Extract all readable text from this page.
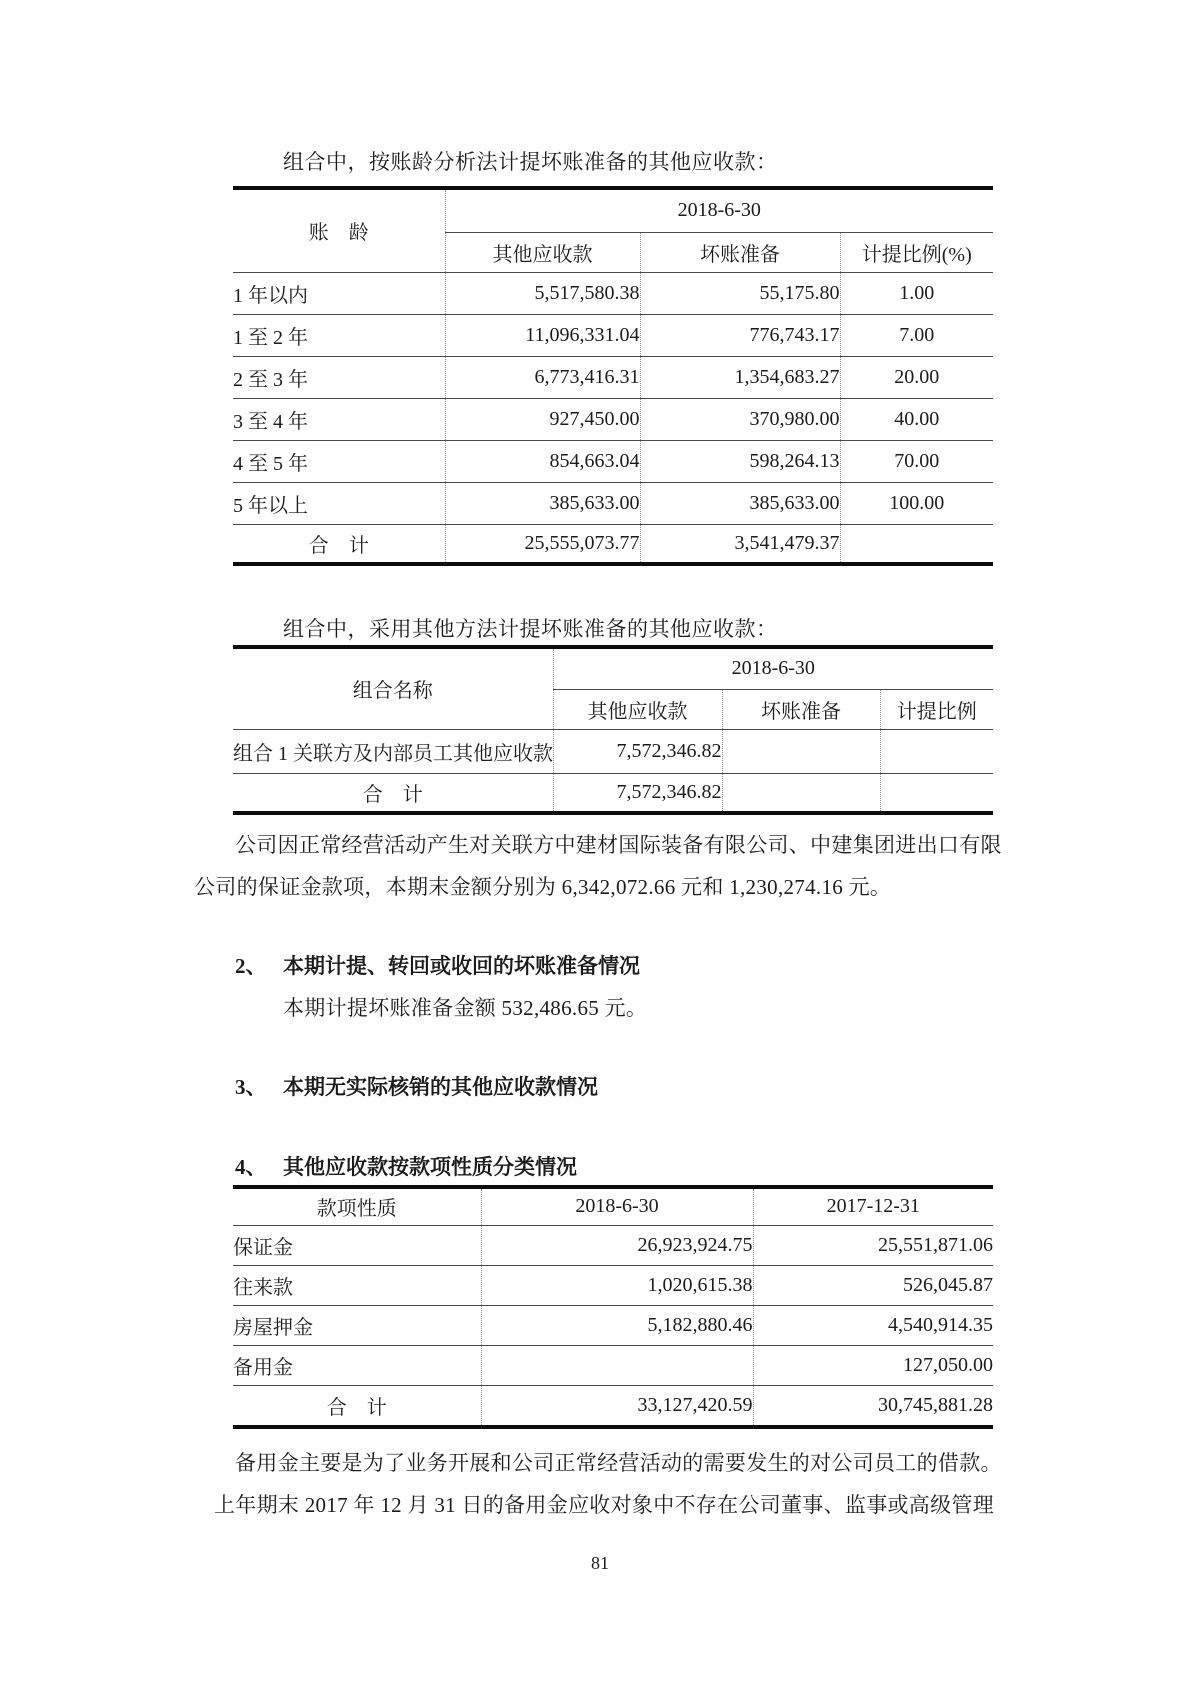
组合中，按账龄分析法计提坏账准备的其他应收款：
账　龄	2018-6-30		
	其他应收款	坏账准备	计提比例(%)
1 年以内	5,517,580.38	55,175.80	1.00
1 至 2 年	11,096,331.04	776,743.17	7.00
2 至 3 年	6,773,416.31	1,354,683.27	20.00
3 至 4 年	927,450.00	370,980.00	40.00
4 至 5 年	854,663.04	598,264.13	70.00
5 年以上	385,633.00	385,633.00	100.00
合　计	25,555,073.77	3,541,479.37	
组合中，采用其他方法计提坏账准备的其他应收款：
组合名称	2018-6-30		
	其他应收款	坏账准备	计提比例
组合 1 关联方及内部员工其他应收款	7,572,346.82		
合　计	7,572,346.82		
公司因正常经营活动产生对关联方中建材国际装备有限公司、中建集团进出口有限
公司的保证金款项，本期末金额分别为 6,342,072.66 元和 1,230,274.16 元。
2、 本期计提、转回或收回的坏账准备情况
本期计提坏账准备金额 532,486.65 元。
3、 本期无实际核销的其他应收款情况
4、 其他应收款按款项性质分类情况
款项性质	2018-6-30	2017-12-31
保证金	26,923,924.75	25,551,871.06
往来款	1,020,615.38	526,045.87
房屋押金	5,182,880.46	4,540,914.35
备用金		127,050.00
合　计	33,127,420.59	30,745,881.28
备用金主要是为了业务开展和公司正常经营活动的需要发生的对公司员工的借款。
上年期末 2017 年 12 月 31 日的备用金应收对象中不存在公司董事、监事或高级管理
81
